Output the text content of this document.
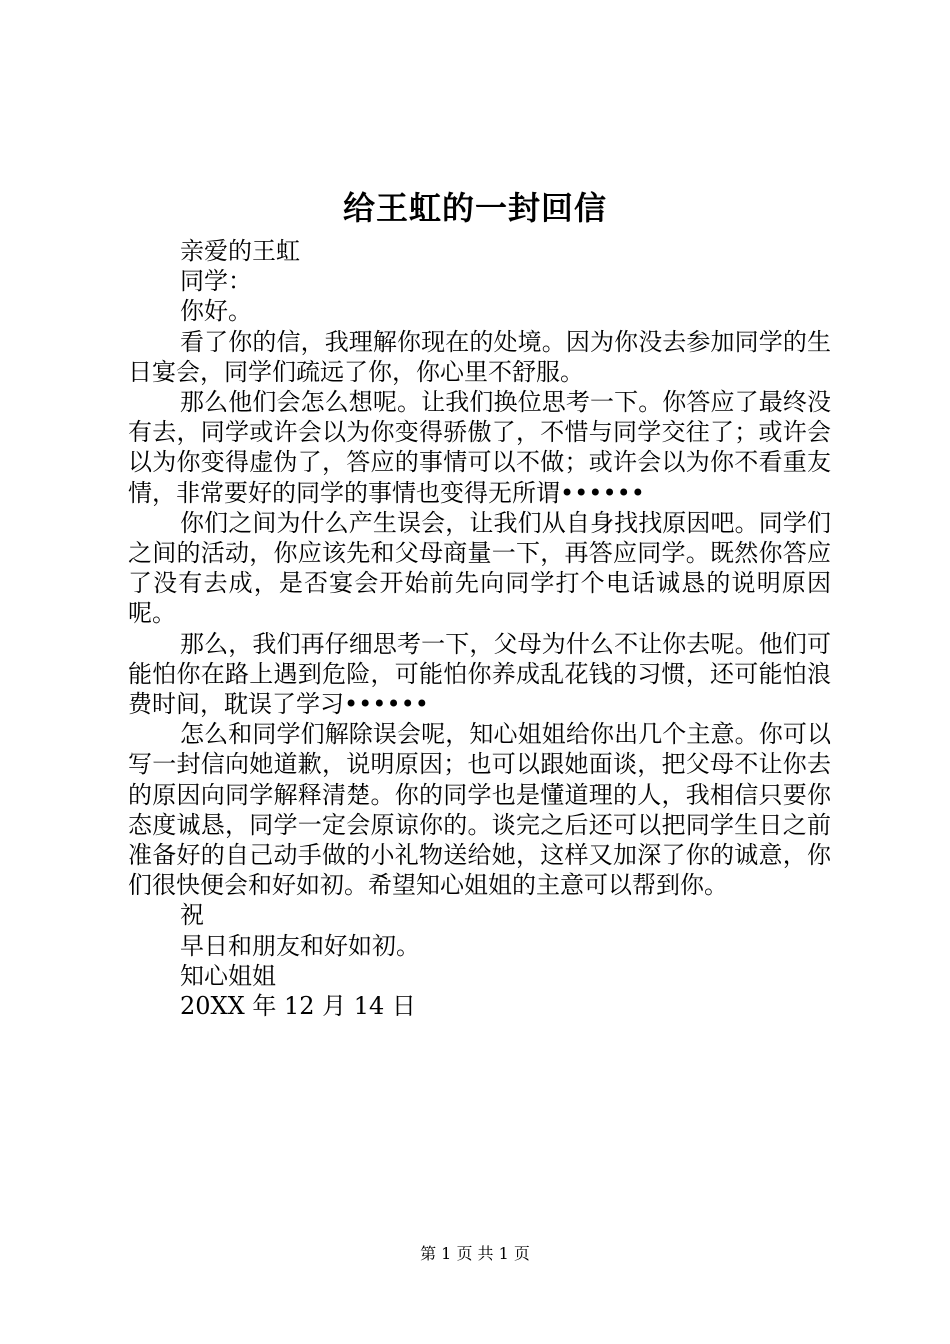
给王虹的一封回信

亲爱的王虹

同学：

你好。

看了你的信，我理解你现在的处境。因为你没去参加同学的生日宴会，同学们疏远了你，你心里不舒服。

那么他们会怎么想呢。让我们换位思考一下。你答应了最终没有去，同学或许会以为你变得骄傲了，不惜与同学交往了；或许会以为你变得虚伪了，答应的事情可以不做；或许会以为你不看重友情，非常要好的同学的事情也变得无所谓••••••

你们之间为什么产生误会，让我们从自身找找原因吧。同学们之间的活动，你应该先和父母商量一下，再答应同学。既然你答应了没有去成，是否宴会开始前先向同学打个电话诚恳的说明原因呢。

那么，我们再仔细思考一下，父母为什么不让你去呢。他们可能怕你在路上遇到危险，可能怕你养成乱花钱的习惯，还可能怕浪费时间，耽误了学习••••••

怎么和同学们解除误会呢，知心姐姐给你出几个主意。你可以写一封信向她道歉，说明原因；也可以跟她面谈，把父母不让你去的原因向同学解释清楚。你的同学也是懂道理的人，我相信只要你态度诚恳，同学一定会原谅你的。谈完之后还可以把同学生日之前准备好的自己动手做的小礼物送给她，这样又加深了你的诚意，你们很快便会和好如初。希望知心姐姐的主意可以帮到你。

祝

早日和朋友和好如初。

知心姐姐

20XX 年 12 月 14 日

第 1 页 共 1 页
